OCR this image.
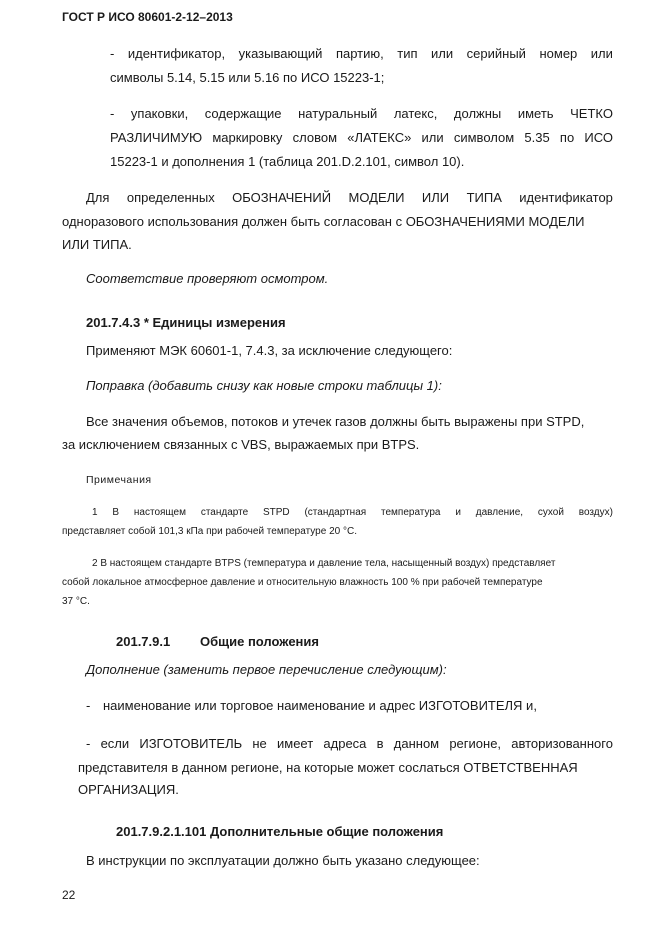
ГОСТ Р ИСО 80601-2-12–2013
- идентификатор, указывающий партию, тип или серийный номер или
символы 5.14, 5.15 или 5.16 по ИСО 15223-1;
- упаковки, содержащие натуральный латекс, должны иметь ЧЕТКО
РАЗЛИЧИМУЮ маркировку словом «ЛАТЕКС» или символом 5.35 по ИСО
15223-1 и дополнения 1 (таблица 201.D.2.101, символ 10).
Для определенных ОБОЗНАЧЕНИЙ МОДЕЛИ ИЛИ ТИПА идентификатор
одноразового использования должен быть согласован с ОБОЗНАЧЕНИЯМИ МОДЕЛИ
ИЛИ ТИПА.
Соответствие проверяют осмотром.
201.7.4.3 * Единицы измерения
Применяют МЭК 60601-1, 7.4.3, за исключение следующего:
Поправка (добавить снизу как новые строки таблицы 1):
Все значения объемов, потоков и утечек газов должны быть выражены при STPD,
за исключением связанных с VBS, выражаемых при BTPS.
Примечания
1 В настоящем стандарте STPD (стандартная температура и давление, сухой воздух)
представляет собой 101,3 кПа при рабочей температуре 20 °С.
2 В настоящем стандарте BTPS (температура и давление тела, насыщенный воздух) представляет
собой локальное атмосферное давление и относительную влажность 100 % при рабочей температуре
37 °С.
201.7.9.1 Общие положения
Дополнение (заменить первое перечисление следующим):
- наименование или торговое наименование и адрес ИЗГОТОВИТЕЛЯ и,
- если ИЗГОТОВИТЕЛЬ не имеет адреса в данном регионе, авторизованного
представителя в данном регионе, на которые может сослаться ОТВЕТСТВЕННАЯ
ОРГАНИЗАЦИЯ.
201.7.9.2.1.101 Дополнительные общие положения
В инструкции по эксплуатации должно быть указано следующее:
22
